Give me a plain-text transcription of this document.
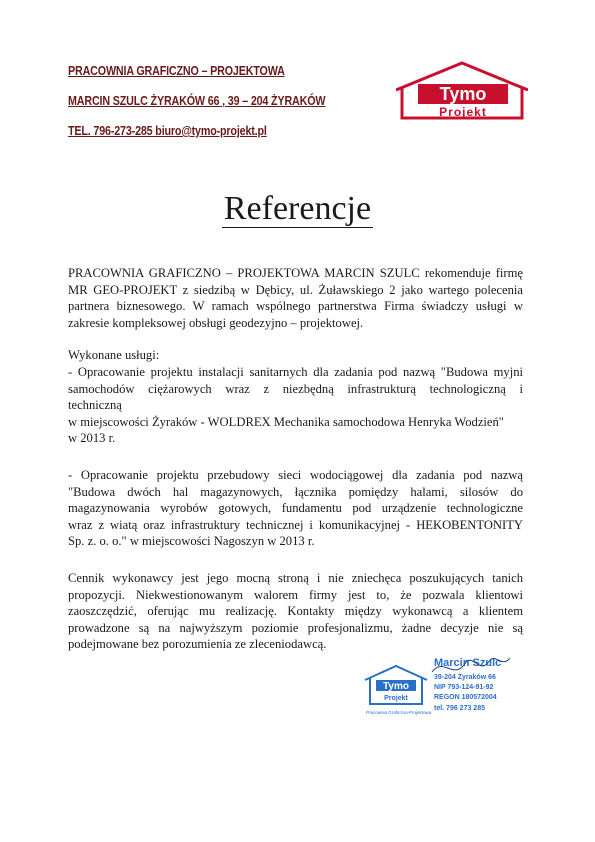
PRACOWNIA GRAFICZNO – PROJEKTOWA
MARCIN SZULC ŻYRAKÓW 66 , 39 – 204 ŻYRAKÓW
TEL. 796-273-285 biuro@tymo-projekt.pl
Tymo
Projekt
Referencje
PRACOWNIA GRAFICZNO – PROJEKTOWA MARCIN SZULC rekomenduje firmę
MR GEO-PROJEKT z siedzibą w Dębicy, ul. Żuławskiego 2 jako wartego polecenia
partnera biznesowego. W ramach wspólnego partnerstwa Firma świadczy usługi w
zakresie kompleksowej obsługi geodezyjno – projektowej.
Wykonane usługi:
- Opracowanie projektu instalacji sanitarnych dla zadania pod nazwą "Budowa myjni
samochodów ciężarowych wraz z niezbędną infrastrukturą technologiczną i
techniczną
w miejscowości Żyraków - WOLDREX Mechanika samochodowa Henryka Wodzień"
w 2013 r.
- Opracowanie projektu przebudowy sieci wodociągowej dla zadania pod nazwą
"Budowa dwóch hal magazynowych, łącznika pomiędzy halami, silosów do
magazynowania wyrobów gotowych, fundamentu pod urządzenie technologiczne
wraz z wiatą oraz infrastruktury technicznej i komunikacyjnej - HEKOBENTONITY
Sp. z. o. o." w miejscowości Nagoszyn w 2013 r.
Cennik wykonawcy jest jego mocną stroną i nie zniechęca poszukujących tanich
propozycji. Niekwestionowanym walorem firmy jest to, że pozwala klientowi
zaoszczędzić, oferując mu realizację. Kontakty między wykonawcą a klientem
prowadzone są na najwyższym poziomie profesjonalizmu, żadne decyzje nie są
podejmowane bez porozumienia ze zleceniodawcą.
Tymo
Projekt
Pracownia Graficzno-Projektowa
Marcin Szulc
39-204 Żyraków 66
NIP 793-124-91-92
REGON 180572004
tel. 796 273 285
